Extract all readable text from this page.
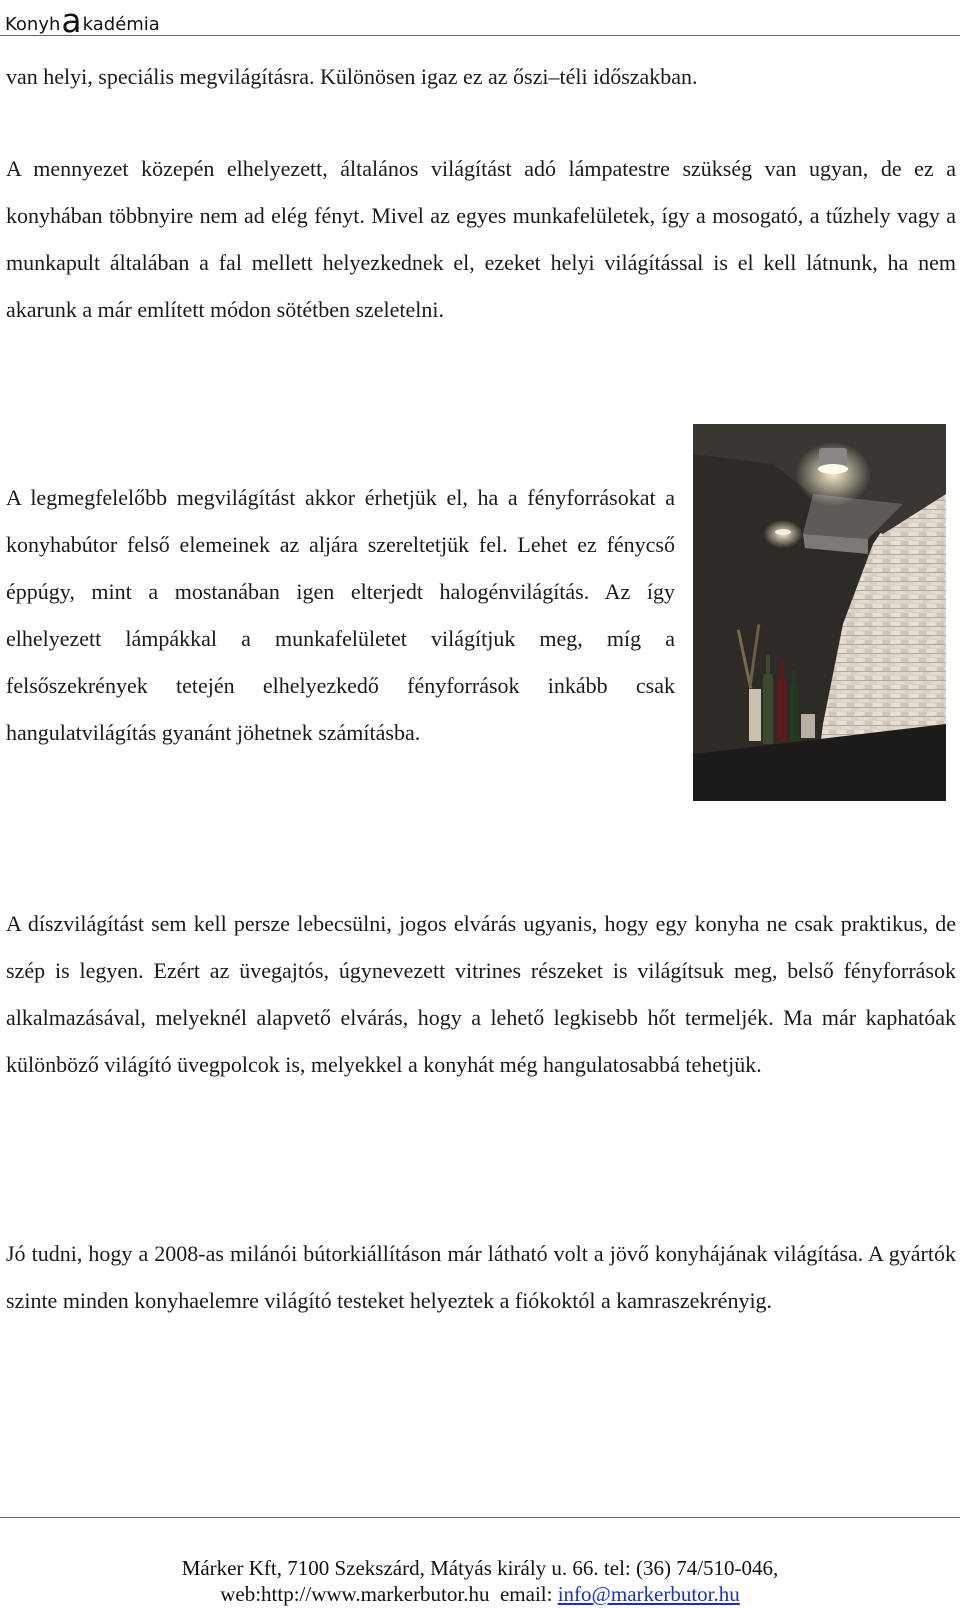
Konyh a kadémia

van helyi, speciális megvilágításra. Különösen igaz ez az őszi–téli időszakban.

A mennyezet közepén elhelyezett, általános világítást adó lámpatestre szükség van ugyan, de ez a konyhában többnyire nem ad elég fényt. Mivel az egyes munkafelületek, így a mosogató, a tűzhely vagy a munkapult általában a fal mellett helyezkednek el, ezeket helyi világítással is el kell látnunk, ha nem akarunk a már említett módon sötétben szeletelni.

A legmegfelelőbb megvilágítást akkor érhetjük el, ha a fényforrásokat a konyhabútor felső elemeinek az aljára szereltetjük fel. Lehet ez fénycső éppúgy, mint a mostanában igen elterjedt halogénvilágítás. Az így elhelyezett lámpákkal a munkafelületet világítjuk meg, míg a felsőszekrények tetején elhelyezkedő fényforrások inkább csak hangulatvilágítás gyanánt jöhetnek számításba.

A díszvilágítást sem kell persze lebecsülni, jogos elvárás ugyanis, hogy egy konyha ne csak praktikus, de szép is legyen. Ezért az üvegajtós, úgynevezett vitrines részeket is világítsuk meg, belső fényforrások alkalmazásával, melyeknél alapvető elvárás, hogy a lehető legkisebb hőt termeljék. Ma már kaphatóak különböző világító üvegpolcok is, melyekkel a konyhát még hangulatosabbá tehetjük.

Jó tudni, hogy a 2008-as milánói bútorkiállításon már látható volt a jövő konyhájának világítása. A gyártók szinte minden konyhaelemre világító testeket helyeztek a fiókoktól a kamraszekrényig.

Márker Kft, 7100 Szekszárd, Mátyás király u. 66. tel: (36) 74/510-046,
web:http://www.markerbutor.hu email: info@markerbutor.hu
